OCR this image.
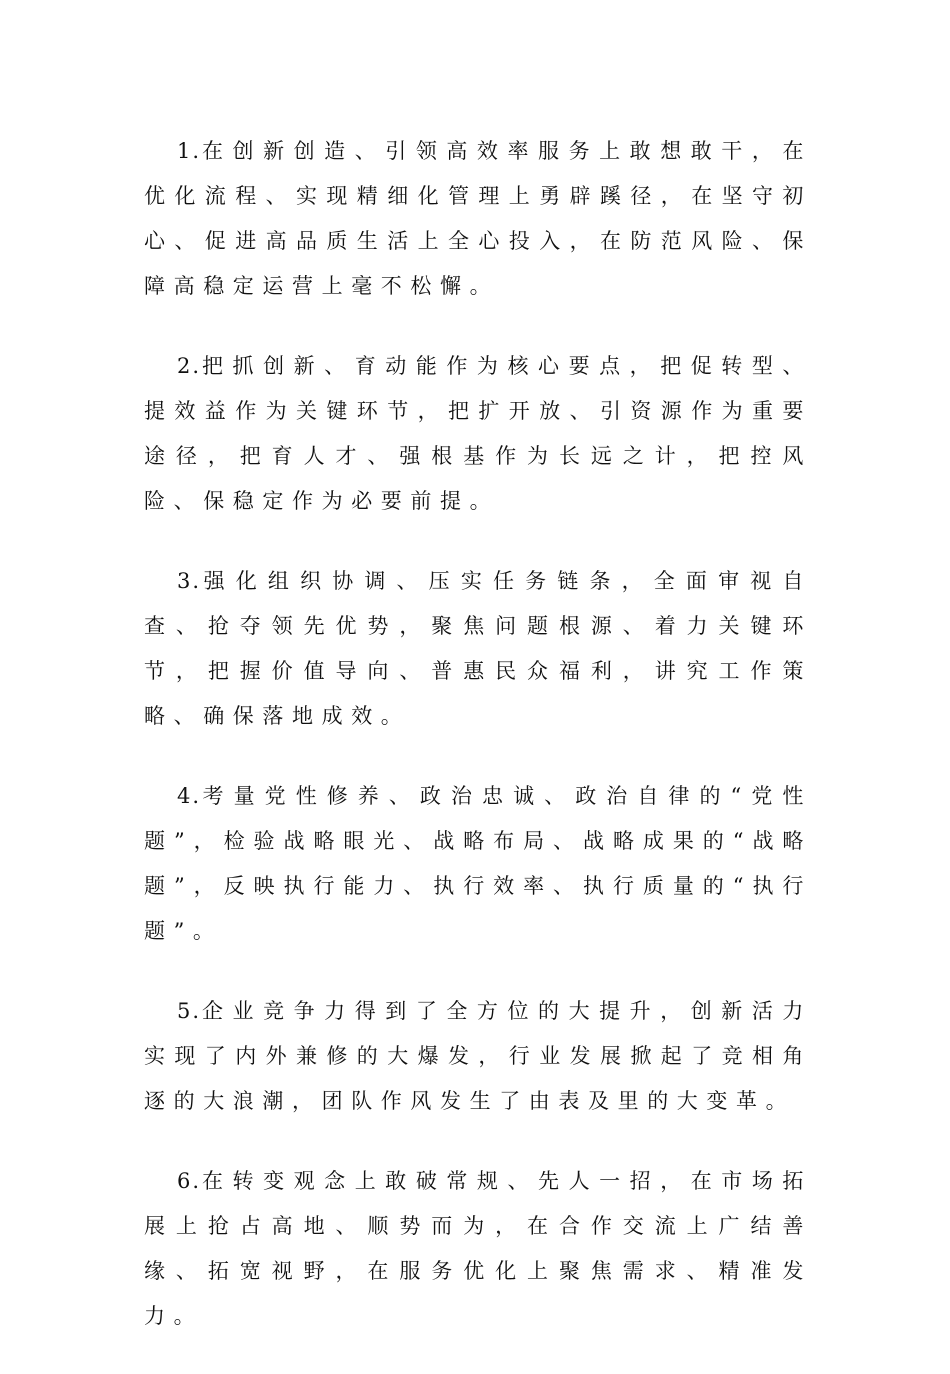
1.在创新创造、引领高效率服务上敢想敢干，在优化流程、实现精细化管理上勇辟蹊径，在坚守初心、促进高品质生活上全心投入，在防范风险、保障高稳定运营上毫不松懈。

2.把抓创新、育动能作为核心要点，把促转型、提效益作为关键环节，把扩开放、引资源作为重要途径，把育人才、强根基作为长远之计，把控风险、保稳定作为必要前提。

3.强化组织协调、压实任务链条，全面审视自查、抢夺领先优势，聚焦问题根源、着力关键环节，把握价值导向、普惠民众福利，讲究工作策略、确保落地成效。

4.考量党性修养、政治忠诚、政治自律的“党性题”，检验战略眼光、战略布局、战略成果的“战略题”，反映执行能力、执行效率、执行质量的“执行题”。

5.企业竞争力得到了全方位的大提升，创新活力实现了内外兼修的大爆发，行业发展掀起了竞相角逐的大浪潮，团队作风发生了由表及里的大变革。

6.在转变观念上敢破常规、先人一招，在市场拓展上抢占高地、顺势而为，在合作交流上广结善缘、拓宽视野，在服务优化上聚焦需求、精准发力。
